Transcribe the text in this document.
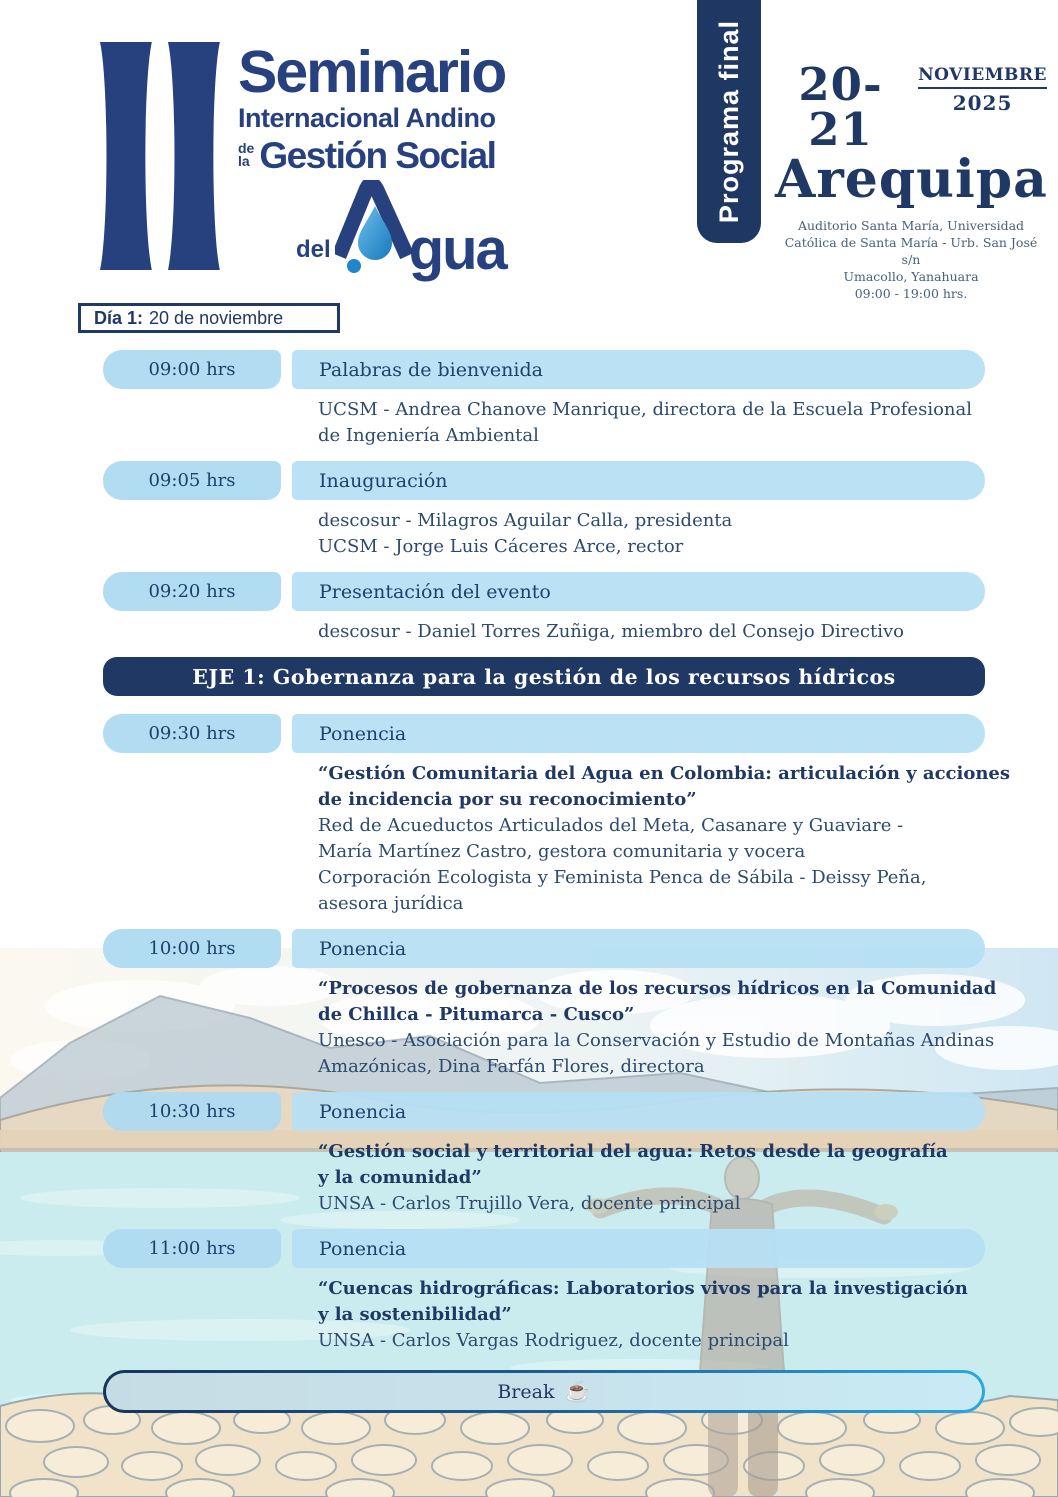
Seminario
Internacional Andino
de
la Gestión Social
del gua
Programa final	20-21
NOVIEMBRE
2025
Arequipa
Auditorio Santa María, Universidad
Católica de Santa María - Urb. San José s/n
Umacollo, Yanahuara
09:00 - 19:00 hrs.
Día 1: 20 de noviembre
09:00 hrs	Palabras de bienvenida
UCSM - Andrea Chanove Manrique, directora de la Escuela Profesional
de Ingeniería Ambiental
09:05 hrs	Inauguración
descosur - Milagros Aguilar Calla, presidenta
UCSM - Jorge Luis Cáceres Arce, rector
09:20 hrs	Presentación del evento
descosur - Daniel Torres Zuñiga, miembro del Consejo Directivo
EJE 1: Gobernanza para la gestión de los recursos hídricos
09:30 hrs	Ponencia
“Gestión Comunitaria del Agua en Colombia: articulación y acciones
de incidencia por su reconocimiento”
Red de Acueductos Articulados del Meta, Casanare y Guaviare -
María Martínez Castro, gestora comunitaria y vocera
Corporación Ecologista y Feminista Penca de Sábila - Deissy Peña,
asesora jurídica
10:00 hrs	Ponencia
“Procesos de gobernanza de los recursos hídricos en la Comunidad
de Chillca - Pitumarca - Cusco”
Unesco - Asociación para la Conservación y Estudio de Montañas Andinas
Amazónicas, Dina Farfán Flores, directora
10:30 hrs	Ponencia
“Gestión social y territorial del agua: Retos desde la geografía
y la comunidad”
UNSA - Carlos Trujillo Vera, docente principal
11:00 hrs	Ponencia
“Cuencas hidrográficas: Laboratorios vivos para la investigación
y la sostenibilidad”
UNSA - Carlos Vargas Rodriguez, docente principal
Break ☕
